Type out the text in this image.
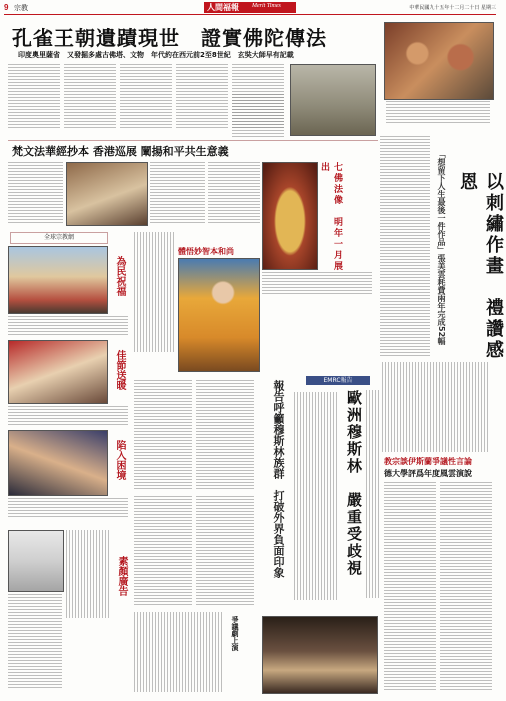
9 宗教	人間福報 Merit Times	中華民國九十五年十二月二十日 星期三
孔雀王朝遺蹟現世　證實佛陀傳法
印度奧里薩省　又發掘多處古佛塔、文物　年代約在西元前2至8世紀　玄奘大師早有記載
梵文法華經抄本 香港巡展 闡揚和平共生意義
七佛法像　明年一月展出
以刺繡作畫　禮讚感恩
「想留下人生最後一件作品」張美雲耗費兩年完成52幅
全球宗教網
為民祝福
佳節送暖
陷入困境
素顏廣告
體悟妙智本和尚
爭議劇上演
EMRC報告
歐洲穆斯林　嚴重受歧視
報告呼籲穆斯林族群　打破外界負面印象	教宗談伊斯蘭爭議性言論
德大學評爲年度風雲演說
